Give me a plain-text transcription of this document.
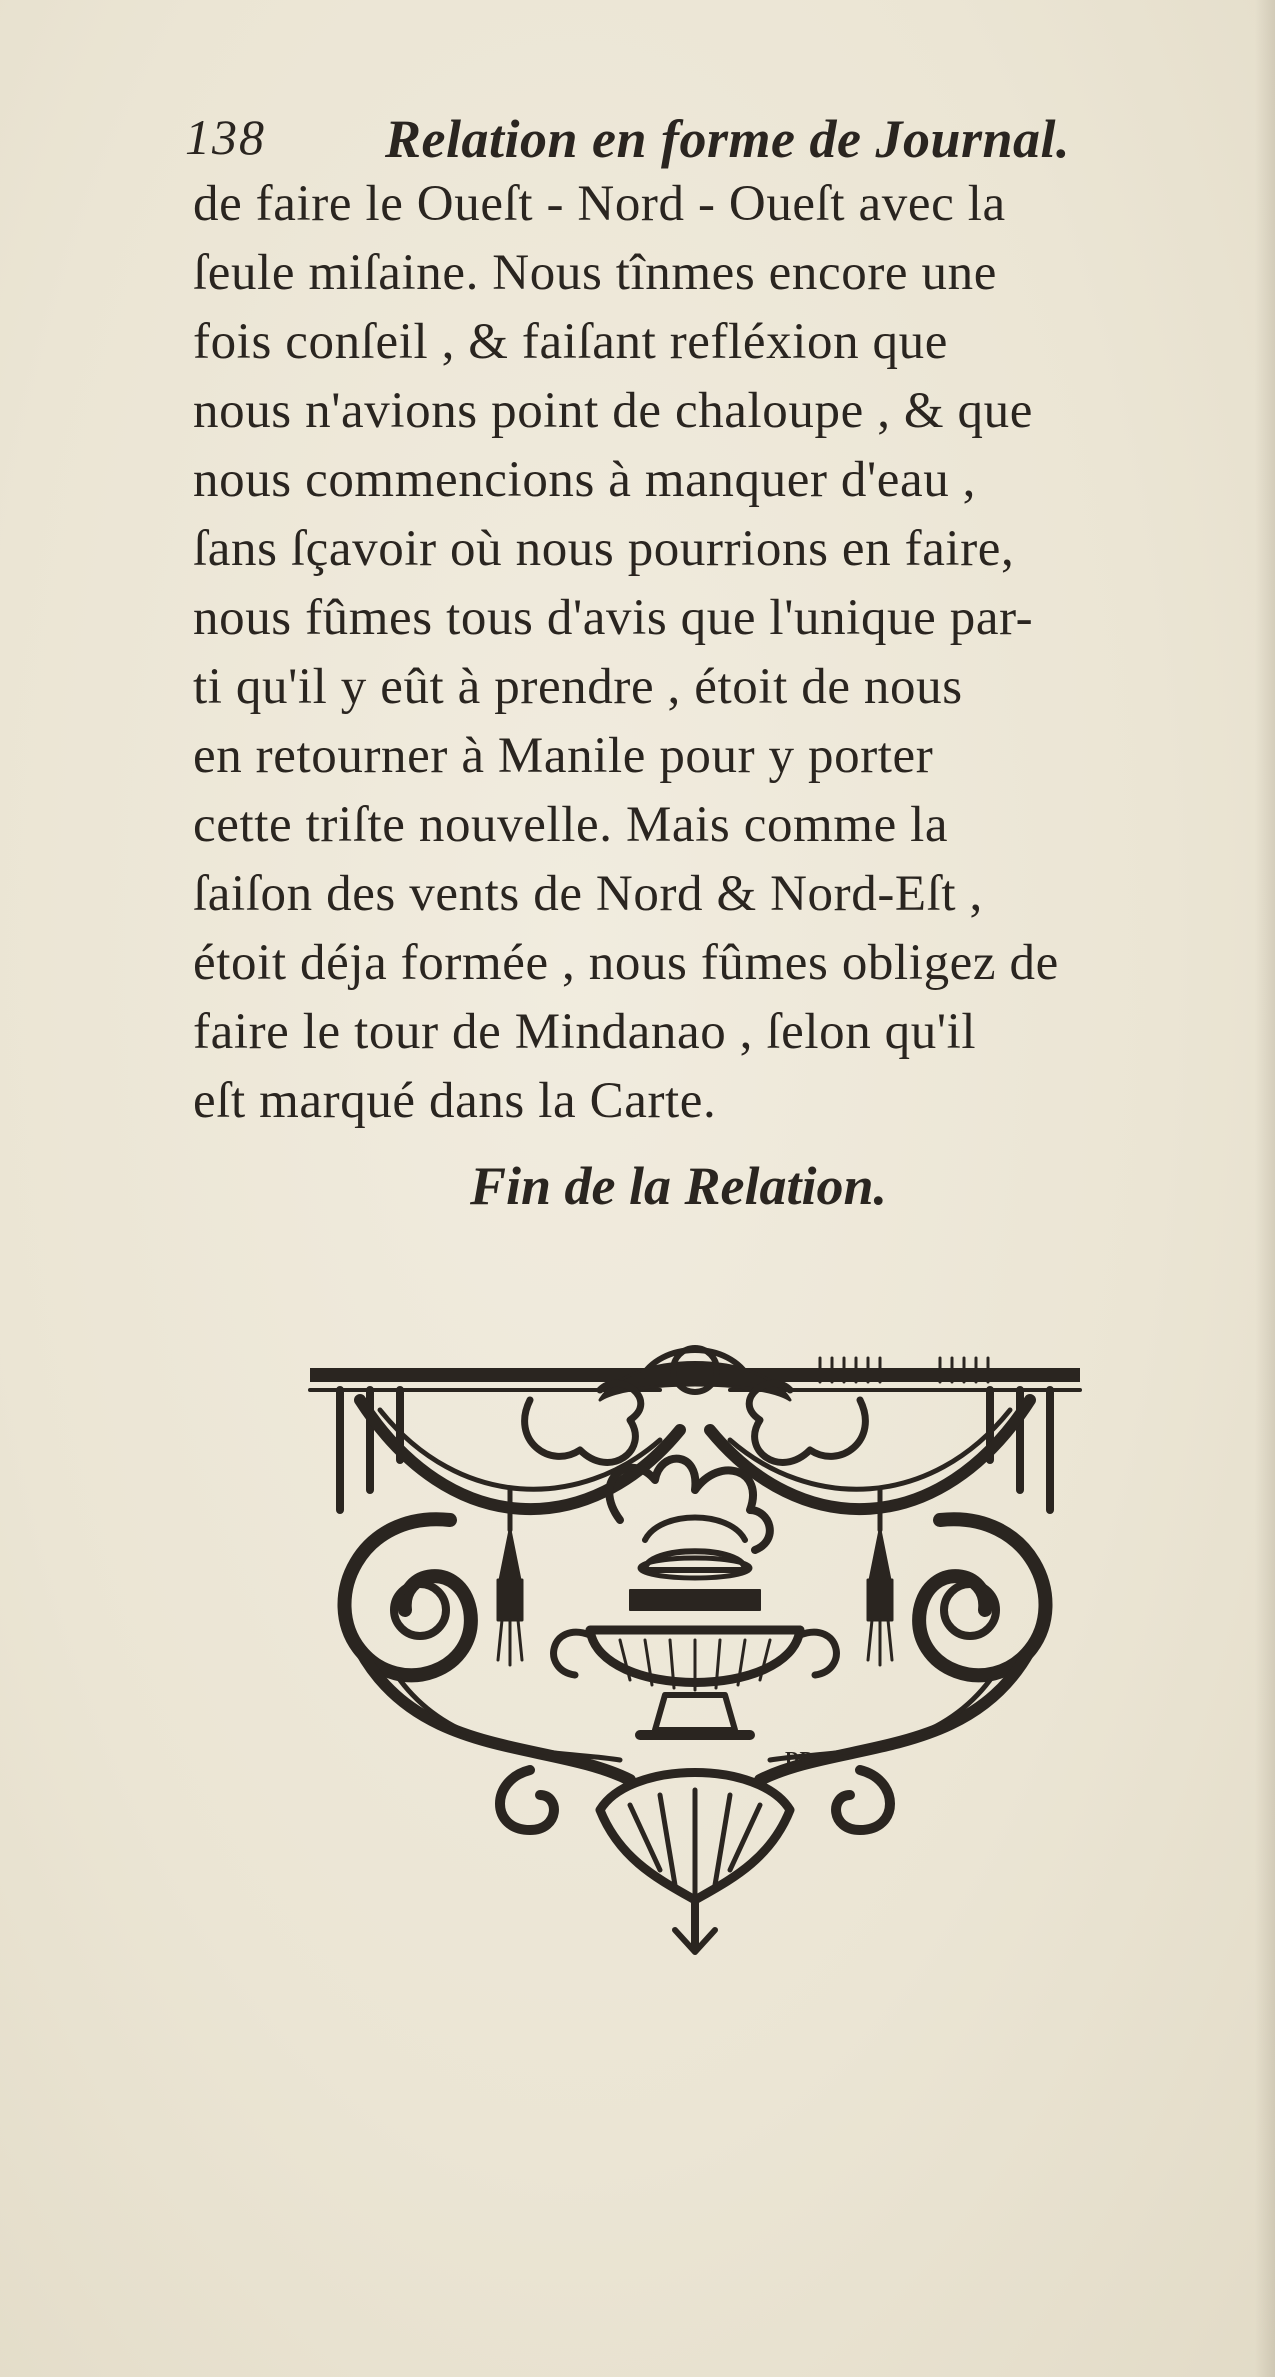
138 Relation en forme de Journal.
de faire le Oueſt - Nord - Oueſt avec la
ſeule miſaine. Nous tînmes encore une
fois conſeil , & faiſant refléxion que
nous n'avions point de chaloupe , & que
nous commencions à manquer d'eau ,
ſans ſçavoir où nous pourrions en faire,
nous fûmes tous d'avis que l'unique par-
ti qu'il y eût à prendre , étoit de nous
en retourner à Manile pour y porter
cette triſte nouvelle. Mais comme la
ſaiſon des vents de Nord & Nord-Eſt ,
étoit déja formée , nous fûmes obligez de
faire le tour de Mindanao , ſelon qu'il
eſt marqué dans la Carte.
Fin de la Relation.
DDG
